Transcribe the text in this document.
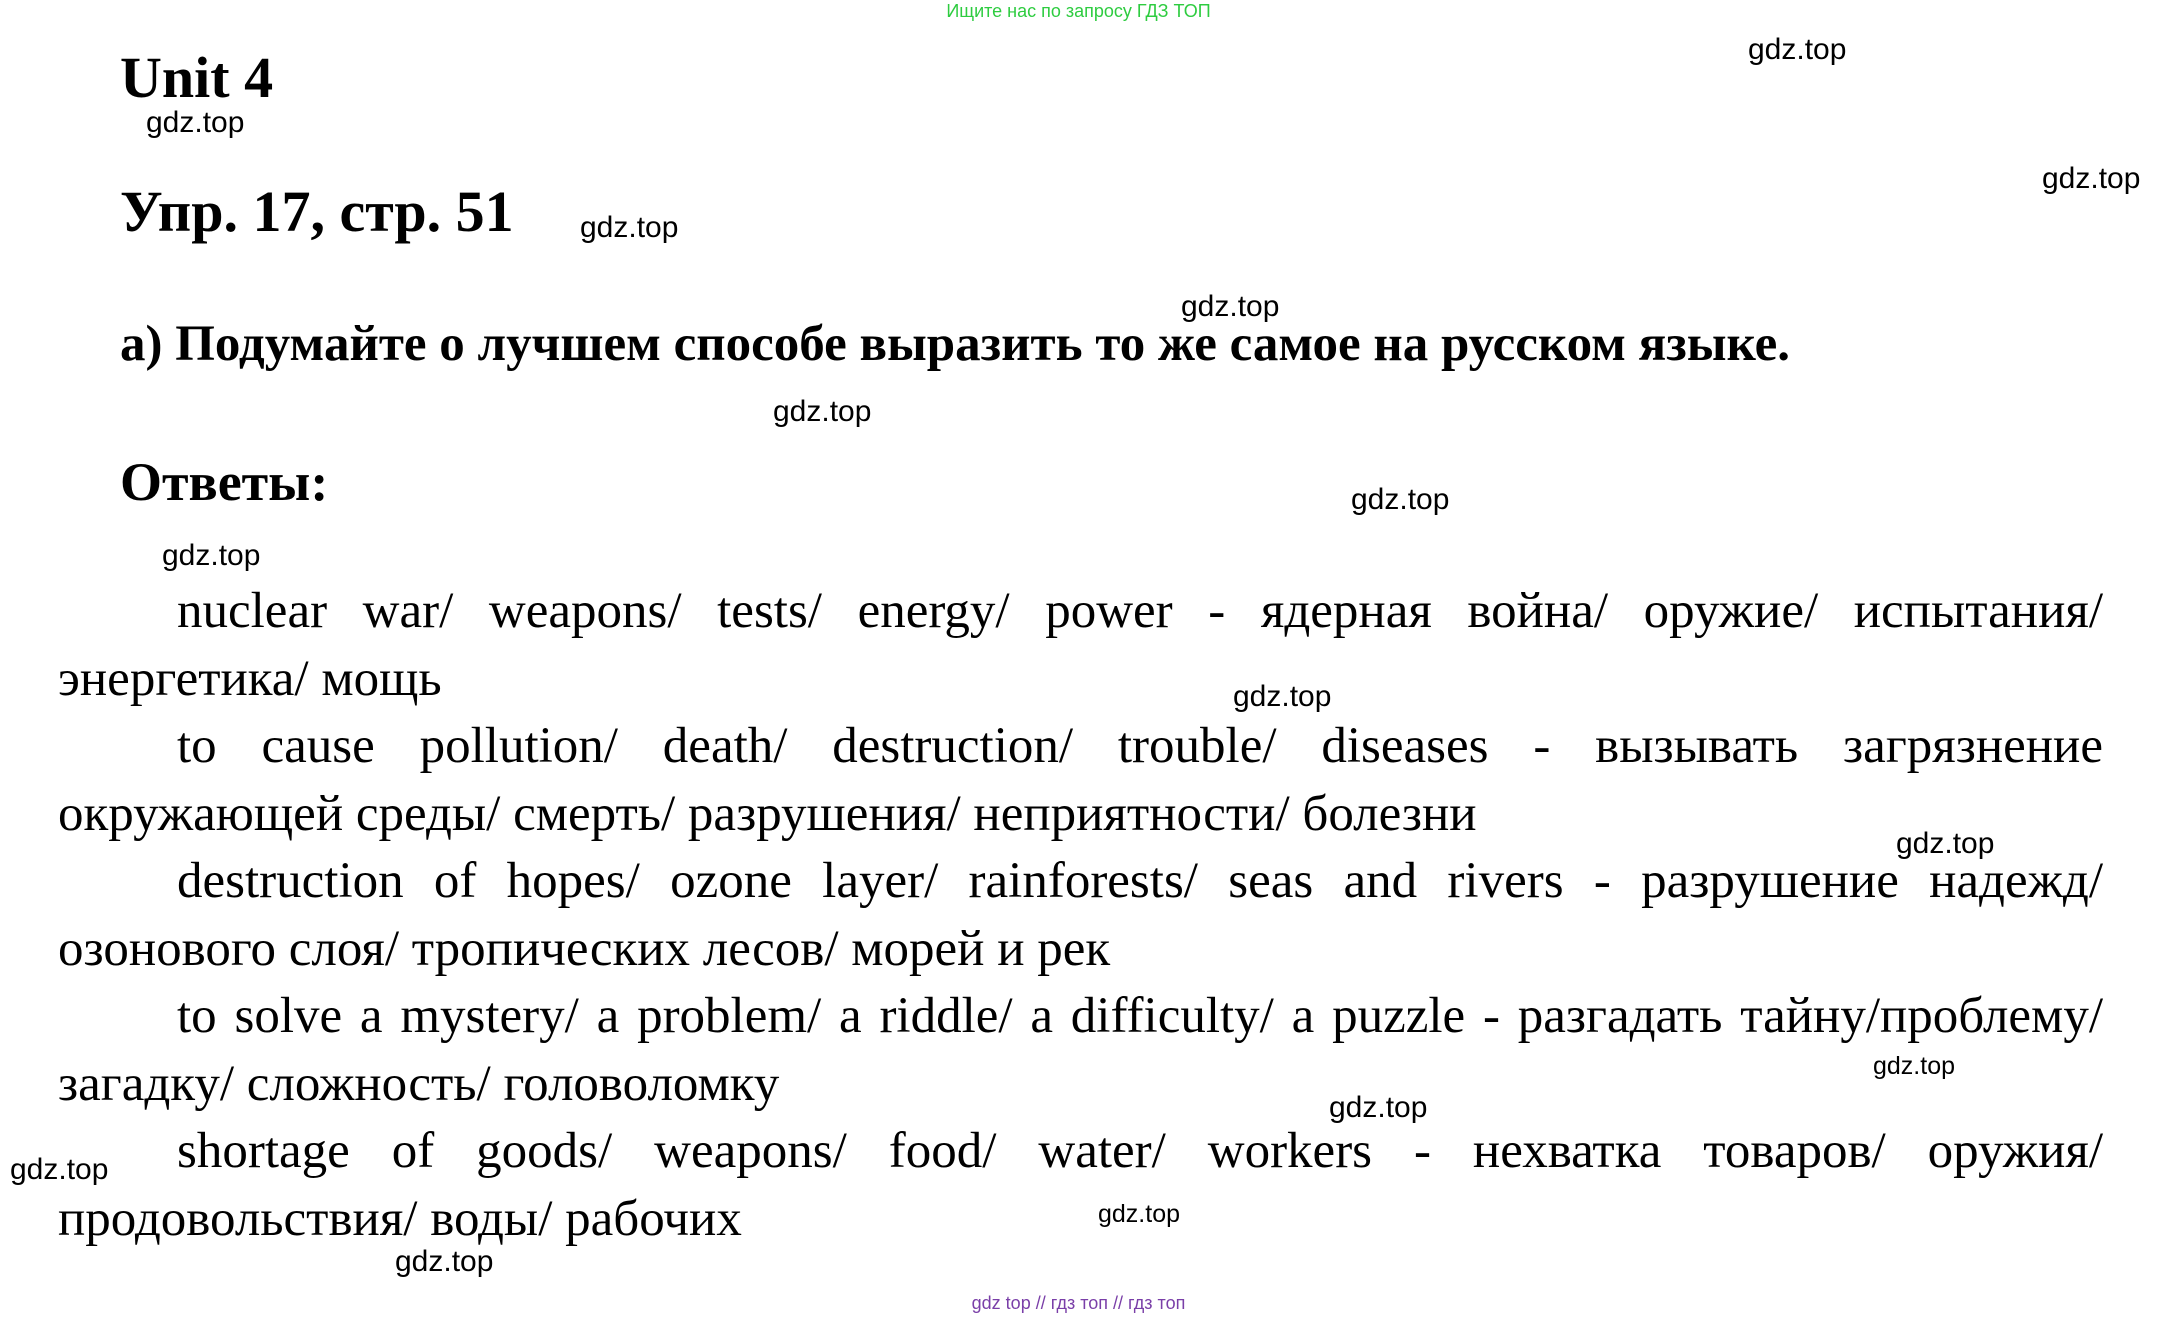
Ищите нас по запросу ГДЗ ТОП
Unit 4
Упр. 17, стр. 51

a) Подумайте о лучшем способе выразить то же самое на русском языке.

Ответы:

nuclear war/ weapons/ tests/ energy/ power - ядерная война/ оружие/ испытания/ энергетика/ мощь

to cause pollution/ death/ destruction/ trouble/ diseases - вызывать загрязнение окружающей среды/ смерть/ разрушения/ неприятности/ болезни

destruction of hopes/ ozone layer/ rainforests/ seas and rivers - разрушение надежд/ озонового слоя/ тропических лесов/ морей и рек

to solve a mystery/ a problem/ a riddle/ a difficulty/ a puzzle - разгадать тайну/проблему/загадку/ сложность/ головоломку

shortage of goods/ weapons/ food/ water/ workers - нехватка товаров/ оружия/ продовольствия/ воды/ рабочих

gdz.top
gdz.top
gdz.top
gdz.top
gdz.top
gdz.top
gdz.top
gdz.top
gdz.top
gdz.top
gdz.top
gdz.top
gdz.top
gdz.top
gdz.top
gdz top // гдз топ // гдз топ
